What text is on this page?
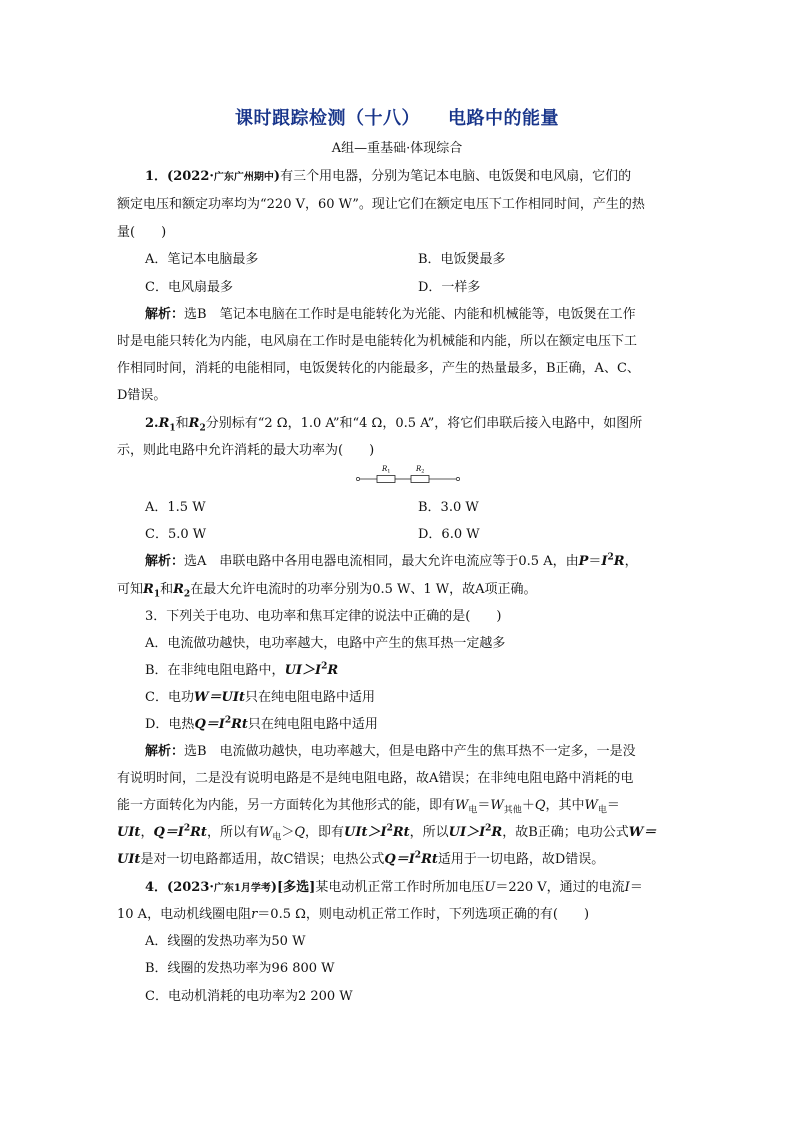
课时跟踪检测（十八） 电路中的能量
A组—重基础·体现综合
1．(2022·广东广州期中)有三个用电器，分别为笔记本电脑、电饭煲和电风扇，它们的
额定电压和额定功率均为“220 V，60 W”。现让它们在额定电压下工作相同时间，产生的热
量(　　)
A．笔记本电脑最多	B．电饭煲最多
C．电风扇最多	D．一样多
解析：选B　笔记本电脑在工作时是电能转化为光能、内能和机械能等，电饭煲在工作
时是电能只转化为内能，电风扇在工作时是电能转化为机械能和内能，所以在额定电压下工
作相同时间，消耗的电能相同，电饭煲转化的内能最多，产生的热量最多，B正确，A、C、
D错误。
$2.R_1$和$R_2$分别标有“2 Ω，1.0 A”和“4 Ω，0.5 A”，将它们串联后接入电路中，如图所
示，则此电路中允许消耗的最大功率为(　　)
$R_1$	$R_2$
A．1.5 W	B．3.0 W
C．5.0 W	D．6.0 W
解析：选A　串联电路中各用电器电流相同，最大允许电流应等于0.5 A，由$P=I^2R$，
可知$R_1$和$R_2$在最大允许电流时的功率分别为0.5 W、1 W，故A项正确。
3．下列关于电功、电功率和焦耳定律的说法中正确的是(　　)
A．电流做功越快，电功率越大，电路中产生的焦耳热一定越多
B．在非纯电阻电路中，$UI>I^2R$
C．电功W＝UIt只在纯电阻电路中适用
D．电热$Q=I^2Rt$只在纯电阻电路中适用
解析：选B　电流做功越快，电功率越大，但是电路中产生的焦耳热不一定多，一是没
有说明时间，二是没有说明电路是不是纯电阻电路，故A错误；在非纯电阻电路中消耗的电
能一方面转化为内能，另一方面转化为其他形式的能，即有$W_电=W_{其他}+Q$，其中$W_电=$
UIt，$Q=I^2Rt$，所以有$W_电>Q$，即有$UIt>I^2Rt$，所以$UI>I^2R$，故B正确；电功公式W＝
UIt是对一切电路都适用，故C错误；电热公式$Q=I^2Rt$适用于一切电路，故D错误。
4．(2023·广东1月学考)[多选]某电动机正常工作时所加电压U＝220 V，通过的电流I＝
10 A，电动机线圈电阻r＝0.5 Ω，则电动机正常工作时，下列选项正确的有(　　)
A．线圈的发热功率为50 W
B．线圈的发热功率为96 800 W
C．电动机消耗的电功率为2 200 W
